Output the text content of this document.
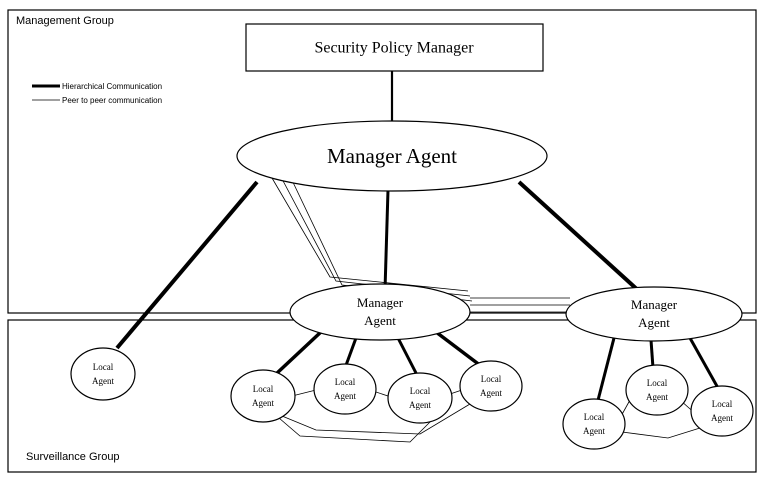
Management Group
Surveillance Group
Hierarchical Communication
Peer to peer communication
Security Policy Manager
Manager Agent
Manager
Agent
Manager
Agent
Local
Agent
Local
Agent
Local
Agent	Local
Agent
Local
Agent
Local
Agent
Local
Agent
Local
Agent
